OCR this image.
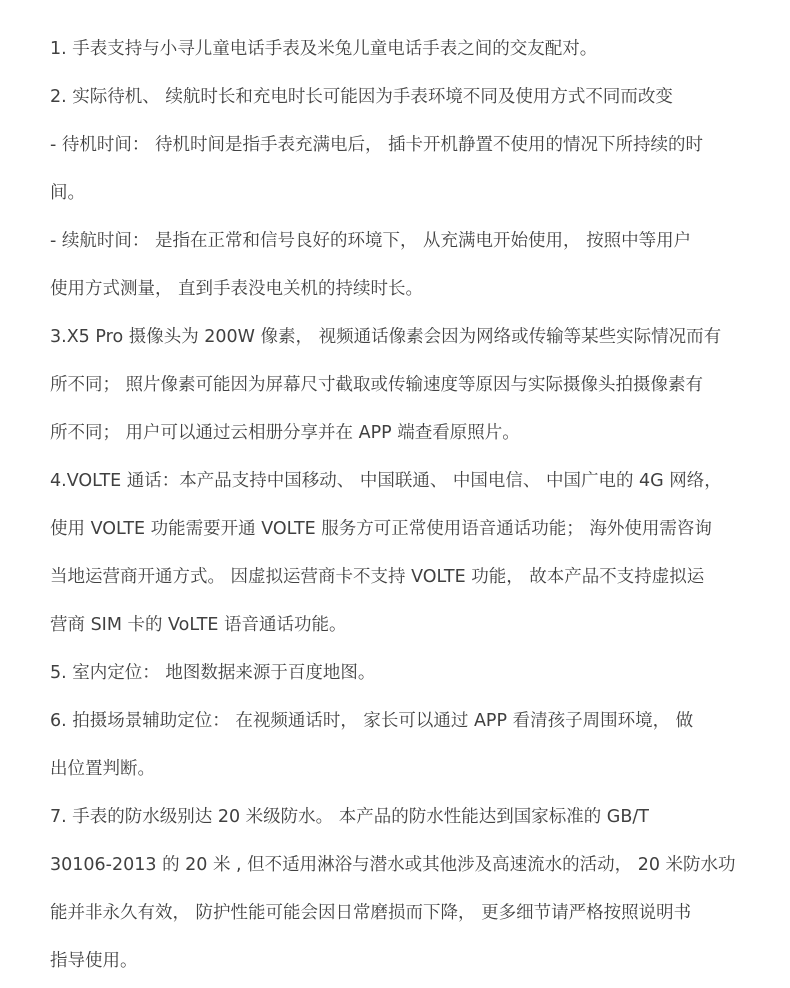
1. 手表支持与小寻儿童电话手表及米兔儿童电话手表之间的交友配对。
2. 实际待机、 续航时长和充电时长可能因为手表环境不同及使用方式不同而改变
- 待机时间： 待机时间是指手表充满电后， 插卡开机静置不使用的情况下所持续的时
间。
- 续航时间： 是指在正常和信号良好的环境下， 从充满电开始使用， 按照中等用户
使用方式测量， 直到手表没电关机的持续时长。
3.X5 Pro 摄像头为 200W 像素， 视频通话像素会因为网络或传输等某些实际情况而有
所不同； 照片像素可能因为屏幕尺寸截取或传输速度等原因与实际摄像头拍摄像素有
所不同； 用户可以通过云相册分享并在 APP 端查看原照片。
4.VOLTE 通话：本产品支持中国移动、 中国联通、 中国电信、 中国广电的 4G 网络，
使用 VOLTE 功能需要开通 VOLTE 服务方可正常使用语音通话功能； 海外使用需咨询
当地运营商开通方式。 因虚拟运营商卡不支持 VOLTE 功能， 故本产品不支持虚拟运
营商 SIM 卡的 VoLTE 语音通话功能。
5. 室内定位： 地图数据来源于百度地图。
6. 拍摄场景辅助定位： 在视频通话时， 家长可以通过 APP 看清孩子周围环境， 做
出位置判断。
7. 手表的防水级别达 20 米级防水。 本产品的防水性能达到国家标准的 GB/T
30106-2013 的 20 米 , 但不适用淋浴与潜水或其他涉及高速流水的活动， 20 米防水功
能并非永久有效， 防护性能可能会因日常磨损而下降， 更多细节请严格按照说明书
指导使用。
